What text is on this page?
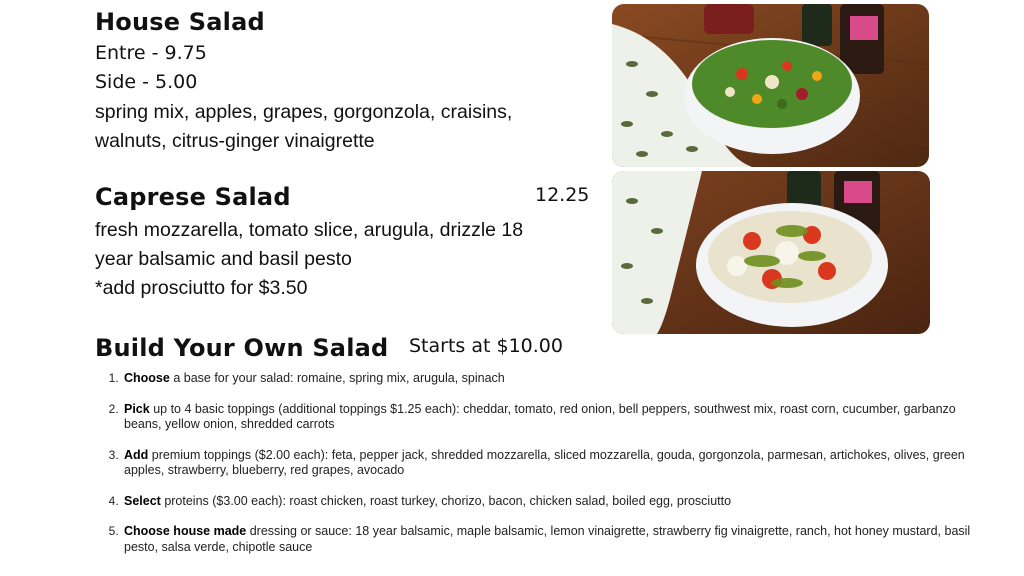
House Salad
Entre - 9.75
Side - 5.00
spring mix, apples, grapes, gorgonzola, craisins,
walnuts, citrus-ginger vinaigrette
Caprese Salad	12.25
fresh mozzarella, tomato slice, arugula, drizzle 18
year balsamic and basil pesto
*add prosciutto for $3.50
Build Your Own Salad Starts at $10.00
1. Choose a base for your salad: romaine, spring mix, arugula, spinach
2. Pick up to 4 basic toppings (additional toppings $1.25 each): cheddar, tomato, red onion, bell peppers, southwest mix, roast corn, cucumber, garbanzo beans, yellow onion, shredded carrots
3. Add premium toppings ($2.00 each): feta, pepper jack, shredded mozzarella, sliced mozzarella, gouda, gorgonzola, parmesan, artichokes, olives, green apples, strawberry, blueberry, red grapes, avocado
4. Select proteins ($3.00 each): roast chicken, roast turkey, chorizo, bacon, chicken salad, boiled egg, prosciutto
5. Choose house made dressing or sauce: 18 year balsamic, maple balsamic, lemon vinaigrette, strawberry fig vinaigrette, ranch, hot honey mustard, basil pesto, salsa verde, chipotle sauce
